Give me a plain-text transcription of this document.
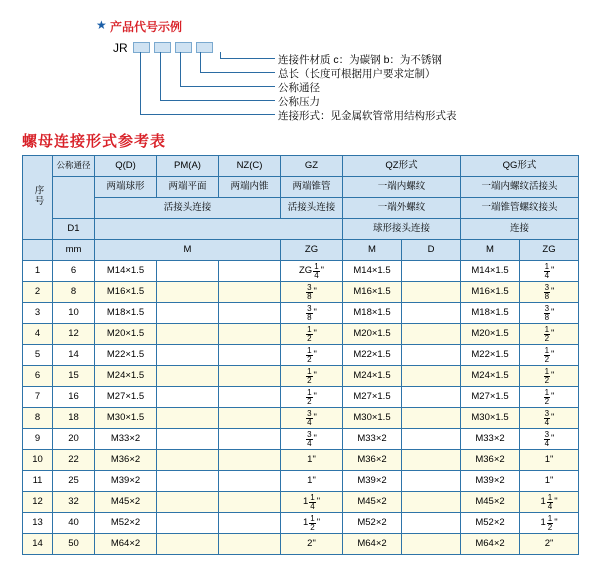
★ 产品代号示例
JR
连接件材质 c：为碳钢 b：为不锈钢
总长（长度可根据用户要求定制）
公称通径
公称压力
连接形式：见金属软管常用结构形式表
螺母连接形式参考表
序号	公称通径	Q(D)	PM(A)	NZ(C)	GZ	QZ形式		QG形式	
		两端球形	两端平面	两端内锥	两端锥管	一端内螺纹		一端内螺纹活接头	
		活接头连接			活接头连接	一端外螺纹		一端锥管螺纹接头	
	D1					球形接头连接		连接	
	mm	M			ZG	M	D	M	ZG
1	6	M14×1.5			ZG $\frac{1}{4}$ "	M14×1.5		M14×1.5	$\frac{1}{4}$ "

2	8	M16×1.5			$\frac{3}{8}$ "	M16×1.5		M16×1.5	$\frac{3}{8}$ "

3	10	M18×1.5			$\frac{3}{8}$ "	M18×1.5		M18×1.5	$\frac{3}{8}$ "

4	12	M20×1.5			$\frac{1}{2}$ "	M20×1.5		M20×1.5	$\frac{1}{2}$ "

5	14	M22×1.5			$\frac{1}{2}$ "	M22×1.5		M22×1.5	$\frac{1}{2}$ "

6	15	M24×1.5			$\frac{1}{2}$ "	M24×1.5		M24×1.5	$\frac{1}{2}$ "

7	16	M27×1.5			$\frac{1}{2}$ "	M27×1.5		M27×1.5	$\frac{1}{2}$ "

8	18	M30×1.5			$\frac{3}{4}$ "	M30×1.5		M30×1.5	$\frac{3}{4}$ "

9	20	M33×2			$\frac{3}{4}$ "	M33×2		M33×2	$\frac{3}{4}$ "

10	22	M36×2			1"	M36×2		M36×2	1"

11	25	M39×2			1"	M39×2		M39×2	1"

12	32	M45×2			$1 \frac{1}{4}$ "	M45×2		M45×2	$1 \frac{1}{4}$ "

13	40	M52×2			$1 \frac{1}{2}$ "	M52×2		M52×2	$1 \frac{1}{2}$ "

14	50	M64×2			2"	M64×2		M64×2	2"
